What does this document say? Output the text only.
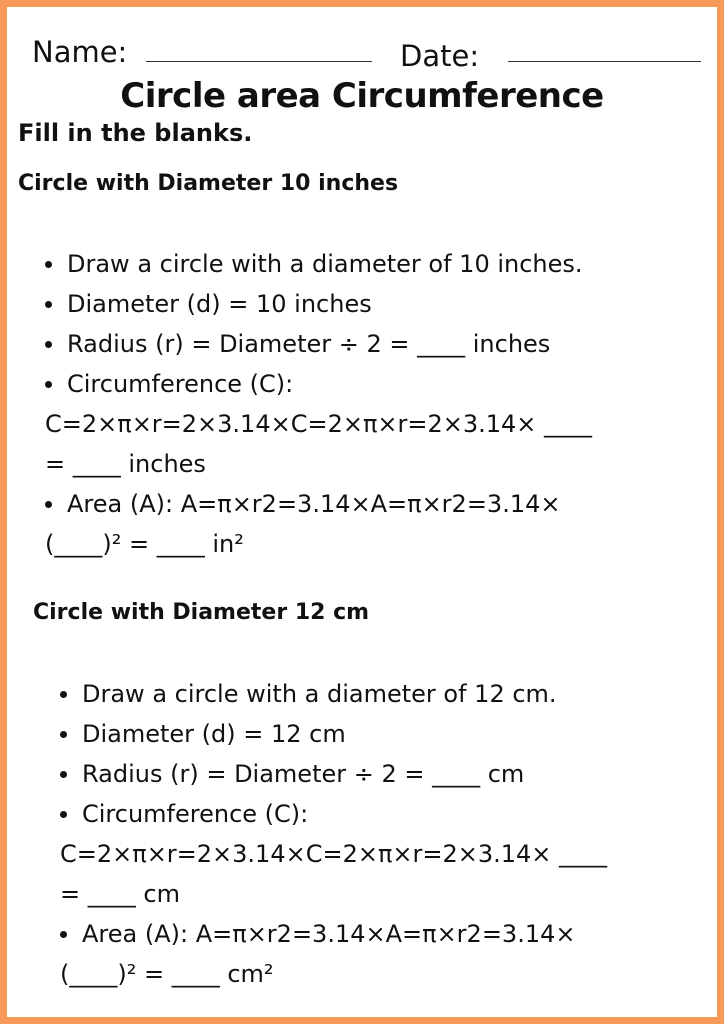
Name:	Date:
Circle area Circumference
Fill in the blanks.
Circle with Diameter 10 inches
Draw a circle with a diameter of 10 inches.
Diameter (d) = 10 inches
Radius (r) = Diameter ÷ 2 = ____ inches
Circumference (C):
C=2×π×r=2×3.14×C=2×π×r=2×3.14× ____
= ____ inches
Area (A): A=π×r2=3.14×A=π×r2=3.14×
(____)² = ____ in²
Circle with Diameter 12 cm
Draw a circle with a diameter of 12 cm.
Diameter (d) = 12 cm
Radius (r) = Diameter ÷ 2 = ____ cm
Circumference (C):
C=2×π×r=2×3.14×C=2×π×r=2×3.14× ____
= ____ cm
Area (A): A=π×r2=3.14×A=π×r2=3.14×
(____)² = ____ cm²
